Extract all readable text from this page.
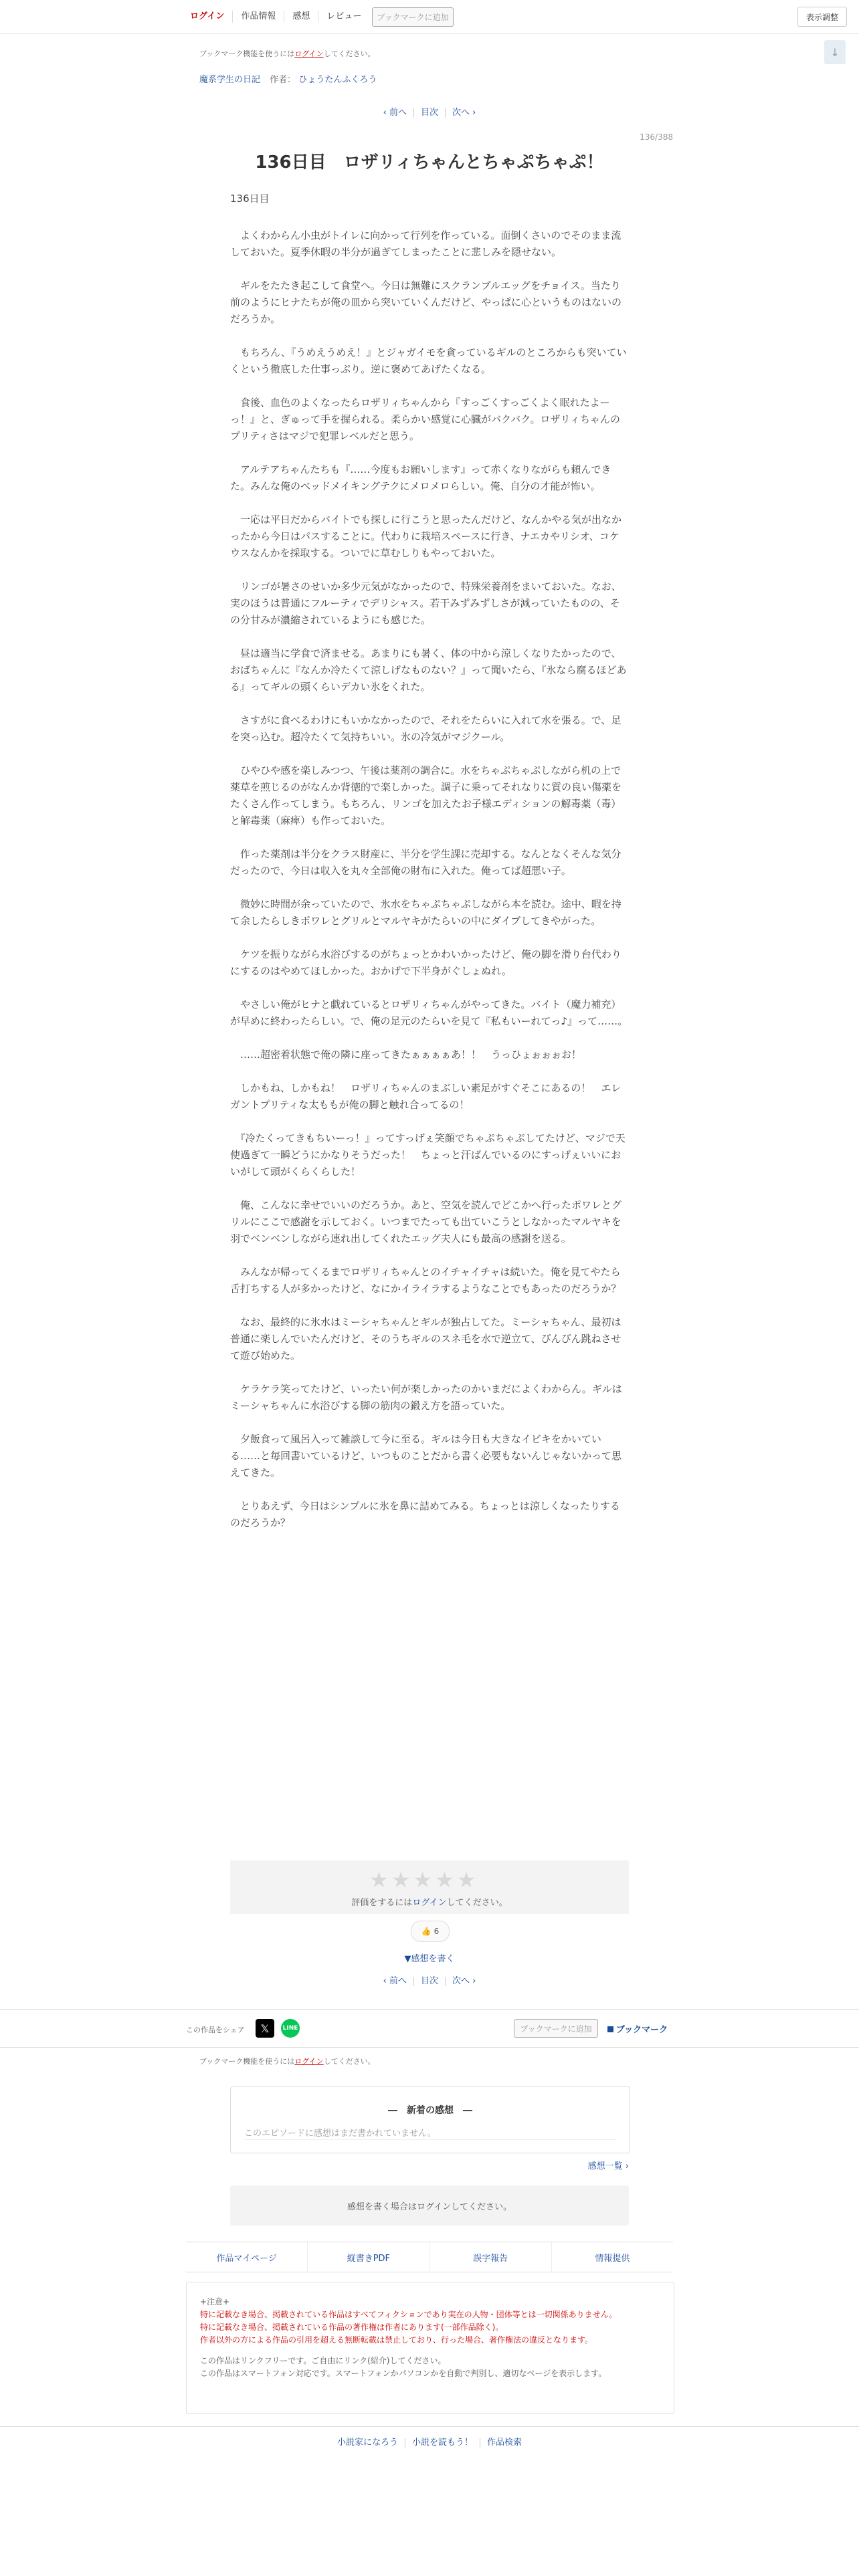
ログイン	作品情報	感想	レビュー	ブックマークに追加	表示調整
ブックマーク機能を使うにはログインしてください。	↓
魔系学生の日記 作者： ひょうたんふくろう
‹ 前へ	目次	次へ ›
136/388
136日目　ロザリィちゃんとちゃぷちゃぷ！
136日目

　よくわからん小虫がトイレに向かって行列を作っている。面倒くさいのでそのまま流しておいた。夏季休暇の半分が過ぎてしまったことに悲しみを隠せない。

　ギルをたたき起こして食堂へ。今日は無難にスクランブルエッグをチョイス。当たり前のようにヒナたちが俺の皿から突いていくんだけど、やっぱに心というものはないのだろうか。

　もちろん、『うめえうめえ！』とジャガイモを貪っているギルのところからも突いていくという徹底した仕事っぷり。逆に褒めてあげたくなる。

　食後、血色のよくなったらロザリィちゃんから『すっごくすっごくよく眠れたよーっ！』と、ぎゅって手を握られる。柔らかい感覚に心臓がバクバク。ロザリィちゃんのプリティさはマジで犯罪レベルだと思う。

　アルテアちゃんたちも『……今度もお願いします』って赤くなりながらも頼んできた。みんな俺のベッドメイキングテクにメロメロらしい。俺、自分の才能が怖い。

　一応は平日だからバイトでも探しに行こうと思ったんだけど、なんかやる気が出なかったから今日はパスすることに。代わりに栽培スペースに行き、ナエカやリシオ、コケウスなんかを採取する。ついでに草むしりもやっておいた。

　リンゴが暑さのせいか多少元気がなかったので、特殊栄養剤をまいておいた。なお、実のほうは普通にフルーティでデリシャス。若干みずみずしさが減っていたものの、その分甘みが濃縮されているようにも感じた。

　昼は適当に学食で済ませる。あまりにも暑く、体の中から涼しくなりたかったので、おばちゃんに『なんか冷たくて涼しげなものない？』って聞いたら、『氷なら腐るほどある』ってギルの頭くらいデカい氷をくれた。

　さすがに食べるわけにもいかなかったので、それをたらいに入れて水を張る。で、足を突っ込む。超冷たくて気持ちいい。氷の冷気がマジクール。

　ひやひや感を楽しみつつ、午後は薬剤の調合に。水をちゃぷちゃぷしながら机の上で薬草を煎じるのがなんか背徳的で楽しかった。調子に乗ってそれなりに質の良い傷薬をたくさん作ってしまう。もちろん、リンゴを加えたお子様エディションの解毒薬（毒）と解毒薬（麻痺）も作っておいた。

　作った薬剤は半分をクラス財産に、半分を学生課に売却する。なんとなくそんな気分だったので、今日は収入を丸々全部俺の財布に入れた。俺ってば超悪い子。

　微妙に時間が余っていたので、氷水をちゃぷちゃぷしながら本を読む。途中、暇を持て余したらしきポワレとグリルとマルヤキがたらいの中にダイブしてきやがった。

　ケツを振りながら水浴びするのがちょっとかわいかったけど、俺の脚を滑り台代わりにするのはやめてほしかった。おかげで下半身がぐしょぬれ。

　やさしい俺がヒナと戯れているとロザリィちゃんがやってきた。バイト（魔力補充）が早めに終わったらしい。で、俺の足元のたらいを見て『私もいーれてっ♪』って……。

　……超密着状態で俺の隣に座ってきたぁぁぁぁあ！！　うっひょぉぉぉお！

　しかもね、しかもね！　ロザリィちゃんのまぶしい素足がすぐそこにあるの！　エレガントプリティな太ももが俺の脚と触れ合ってるの！

　『冷たくってきもちいーっ！』ってすっげぇ笑顔でちゃぷちゃぷしてたけど、マジで天使過ぎて一瞬どうにかなりそうだった！　ちょっと汗ばんでいるのにすっげぇいいにおいがして頭がくらくらした！

　俺、こんなに幸せでいいのだろうか。あと、空気を読んでどこかへ行ったポワレとグリルにここで感謝を示しておく。いつまでたっても出ていこうとしなかったマルヤキを羽でベンベンしながら連れ出してくれたエッグ夫人にも最高の感謝を送る。

　みんなが帰ってくるまでロザリィちゃんとのイチャイチャは続いた。俺を見てやたら舌打ちする人が多かったけど、なにかイライラするようなことでもあったのだろうか？

　なお、最終的に氷水はミーシャちゃんとギルが独占してた。ミーシャちゃん、最初は普通に楽しんでいたんだけど、そのうちギルのスネ毛を水で逆立て、ぴんぴん跳ねさせて遊び始めた。

　ケラケラ笑ってたけど、いったい何が楽しかったのかいまだによくわからん。ギルはミーシャちゃんに水浴びする脚の筋肉の鍛え方を語っていた。

　夕飯食って風呂入って雑談して今に至る。ギルは今日も大きなイビキをかいている……と毎回書いているけど、いつものことだから書く必要もないんじゃないかって思えてきた。

　とりあえず、今日はシンプルに氷を鼻に詰めてみる。ちょっとは涼しくなったりするのだろうか？

★ ★ ★ ★ ★
評価をするにはログインしてください。
👍
6
▼感想を書く
‹ 前へ	目次	次へ ›
この作品をシェア	𝕏	LINE	ブックマークに追加	ブックマーク
ブックマーク機能を使うにはログインしてください。
―　新着の感想　―
このエピソードに感想はまだ書かれていません。
感想一覧 ›
感想を書く場合はログインしてください。
作品マイページ	縦書きPDF	誤字報告	情報提供
+注意+
特に記載なき場合、掲載されている作品はすべてフィクションであり実在の人物・団体等とは一切関係ありません。
特に記載なき場合、掲載されている作品の著作権は作者にあります(一部作品除く)。
作者以外の方による作品の引用を超える無断転載は禁止しており、行った場合、著作権法の違反となります。
この作品はリンクフリーです。ご自由にリンク(紹介)してください。
この作品はスマートフォン対応です。スマートフォンかパソコンかを自動で判別し、適切なページを表示します。
小説家になろう	小説を読もう！	作品検索
